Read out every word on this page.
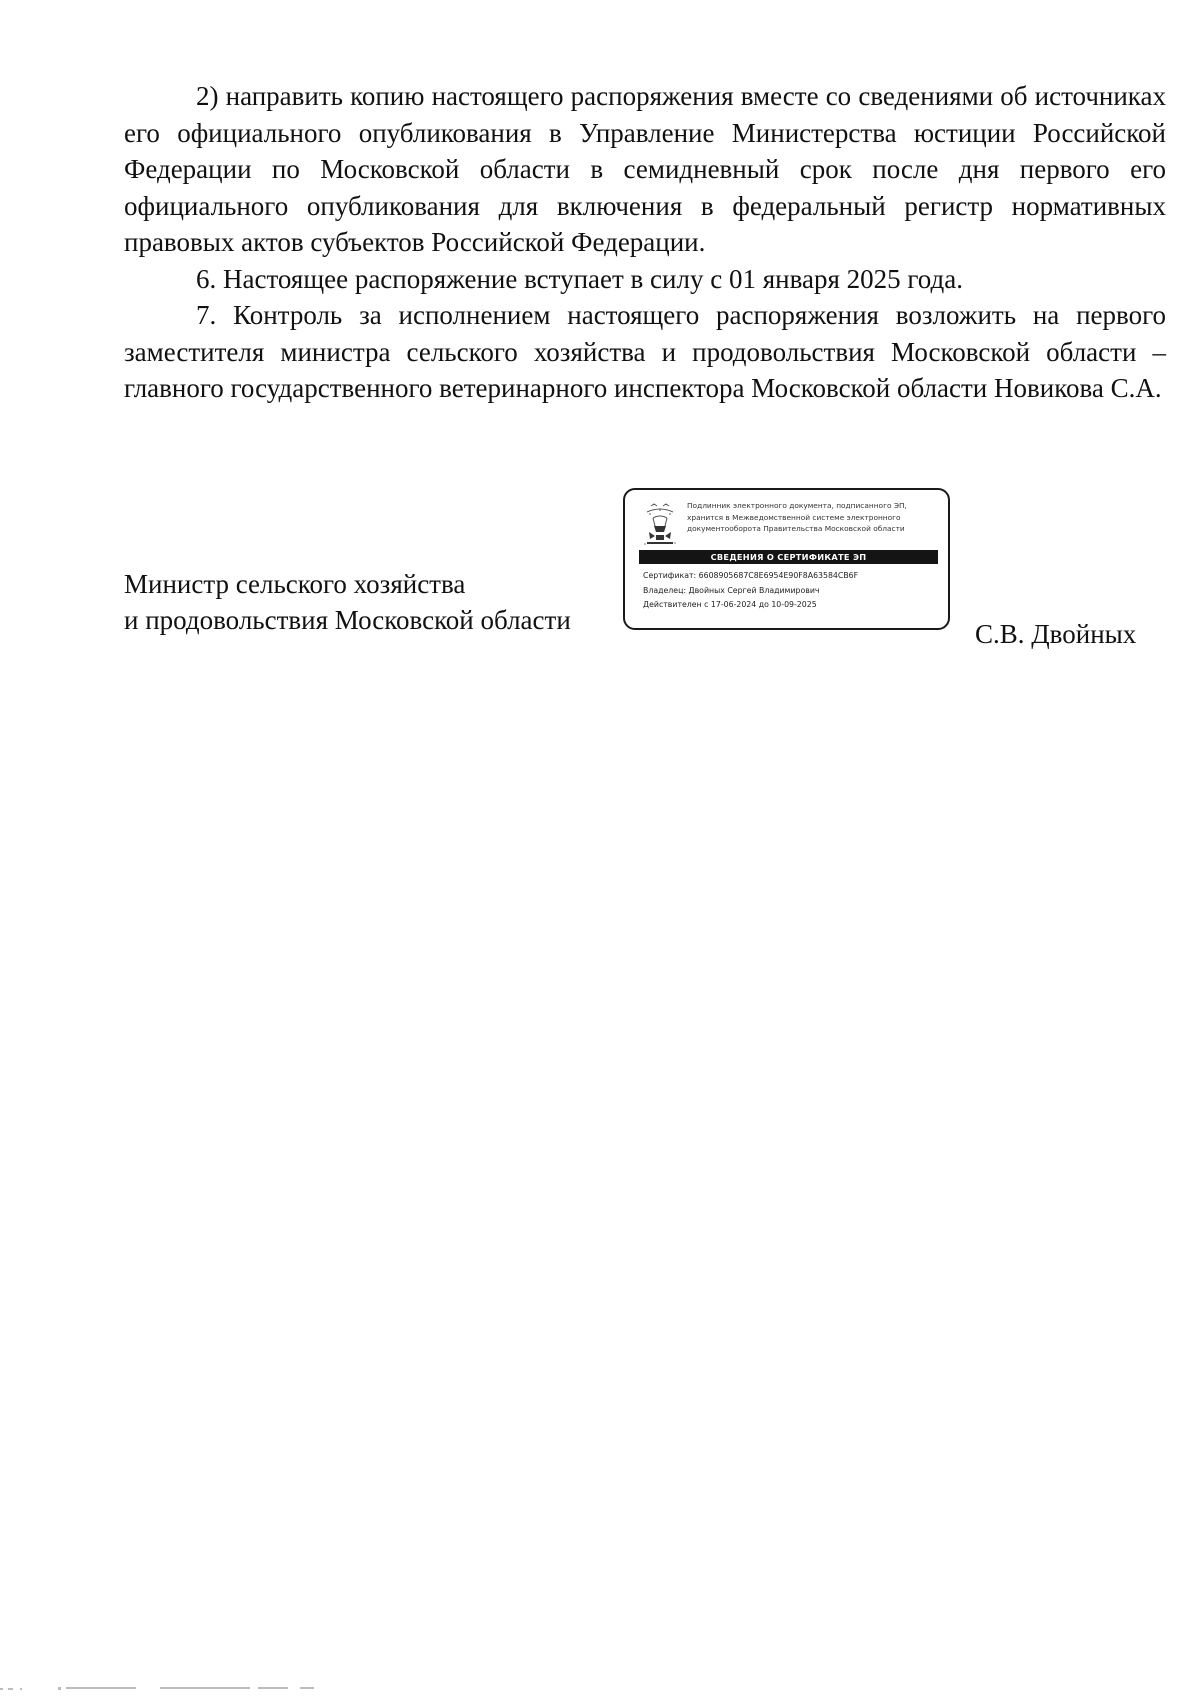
2) направить копию настоящего распоряжения вместе со сведениями об источниках его официального опубликования в Управление Министерства юстиции Российской Федерации по Московской области в семидневный срок после дня первого его официального опубликования для включения в федеральный регистр нормативных правовых актов субъектов Российской Федерации.

6. Настоящее распоряжение вступает в силу с 01 января 2025 года.

7. Контроль за исполнением настоящего распоряжения возложить на первого заместителя министра сельского хозяйства и продовольствия Московской области – главного государственного ветеринарного инспектора Московской области Новикова С.А.

Министр сельского хозяйства
и продовольствия Московской области
Подлинник электронного документа, подписанного ЭП,
хранится в Межведомственной системе электронного
документооборота Правительства Московской области
СВЕДЕНИЯ О СЕРТИФИКАТЕ ЭП
Сертификат: 6608905687C8E6954E90F8A63584CB6F
Владелец: Двойных Сергей Владимирович
Действителен с 17-06-2024 до 10-09-2025
С.В. Двойных
